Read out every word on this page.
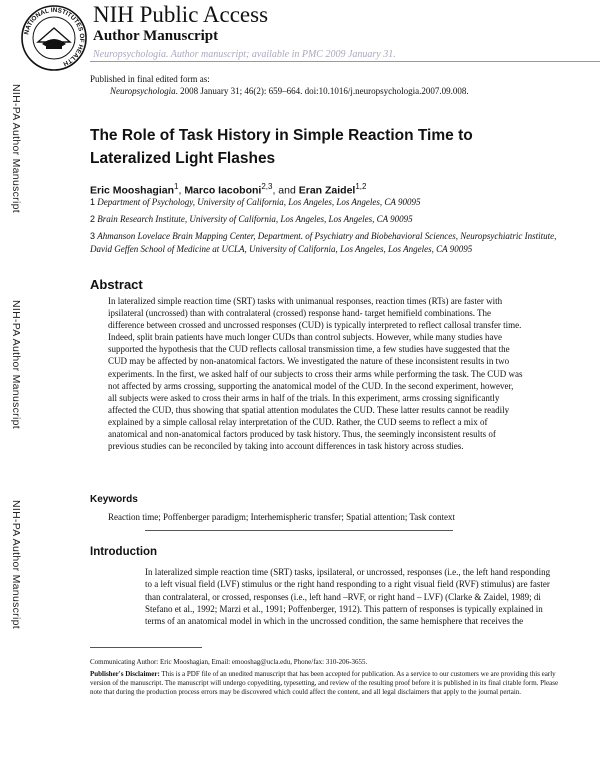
NATIONAL INSTITUTES OF HEALTH
NIH Public Access
Author Manuscript
Neuropsychologia. Author manuscript; available in PMC 2009 January 31.
NIH-PA Author Manuscript
NIH-PA Author Manuscript
NIH-PA Author Manuscript
Published in final edited form as:
Neuropsychologia. 2008 January 31; 46(2): 659–664. doi:10.1016/j.neuropsychologia.2007.09.008.
The Role of Task History in Simple Reaction Time to Lateralized Light Flashes
Eric Mooshagian$^1$, Marco Iacoboni$^{2,3}$, and Eran Zaidel$^{1,2}$
1 Department of Psychology, University of California, Los Angeles, Los Angeles, CA 90095
2 Brain Research Institute, University of California, Los Angeles, Los Angeles, CA 90095
3 Ahmanson Lovelace Brain Mapping Center, Department. of Psychiatry and Biobehavioral Sciences, Neuropsychiatric Institute, David Geffen School of Medicine at UCLA, University of California, Los Angeles, Los Angeles, CA 90095
Abstract
In lateralized simple reaction time (SRT) tasks with unimanual responses, reaction times (RTs) are faster with ipsilateral (uncrossed) than with contralateral (crossed) response hand- target hemifield combinations. The difference between crossed and uncrossed responses (CUD) is typically interpreted to reflect callosal transfer time. Indeed, split brain patients have much longer CUDs than control subjects. However, while many studies have supported the hypothesis that the CUD reflects callosal transmission time, a few studies have suggested that the CUD may be affected by non-anatomical factors. We investigated the nature of these inconsistent results in two experiments. In the first, we asked half of our subjects to cross their arms while performing the task. The CUD was not affected by arms crossing, supporting the anatomical model of the CUD. In the second experiment, however, all subjects were asked to cross their arms in half of the trials. In this experiment, arms crossing significantly affected the CUD, thus showing that spatial attention modulates the CUD. These latter results cannot be readily explained by a simple callosal relay interpretation of the CUD. Rather, the CUD seems to reflect a mix of anatomical and non-anatomical factors produced by task history. Thus, the seemingly inconsistent results of previous studies can be reconciled by taking into account differences in task history across studies.
Keywords
Reaction time; Poffenberger paradigm; Interhemispheric transfer; Spatial attention; Task context
Introduction
In lateralized simple reaction time (SRT) tasks, ipsilateral, or uncrossed, responses (i.e., the left hand responding to a left visual field (LVF) stimulus or the right hand responding to a right visual field (RVF) stimulus) are faster than contralateral, or crossed, responses (i.e., left hand –RVF, or right hand – LVF) (Clarke & Zaidel, 1989; di Stefano et al., 1992; Marzi et al., 1991; Poffenberger, 1912). This pattern of responses is typically explained in terms of an anatomical model in which in the uncrossed condition, the same hemisphere that receives the
Communicating Author: Eric Mooshagian, Email: emooshag@ucla.edu, Phone/fax: 310-206-3655.
Publisher's Disclaimer: This is a PDF file of an unedited manuscript that has been accepted for publication. As a service to our customers we are providing this early version of the manuscript. The manuscript will undergo copyediting, typesetting, and review of the resulting proof before it is published in its final citable form. Please note that during the production process errors may be discovered which could affect the content, and all legal disclaimers that apply to the journal pertain.
